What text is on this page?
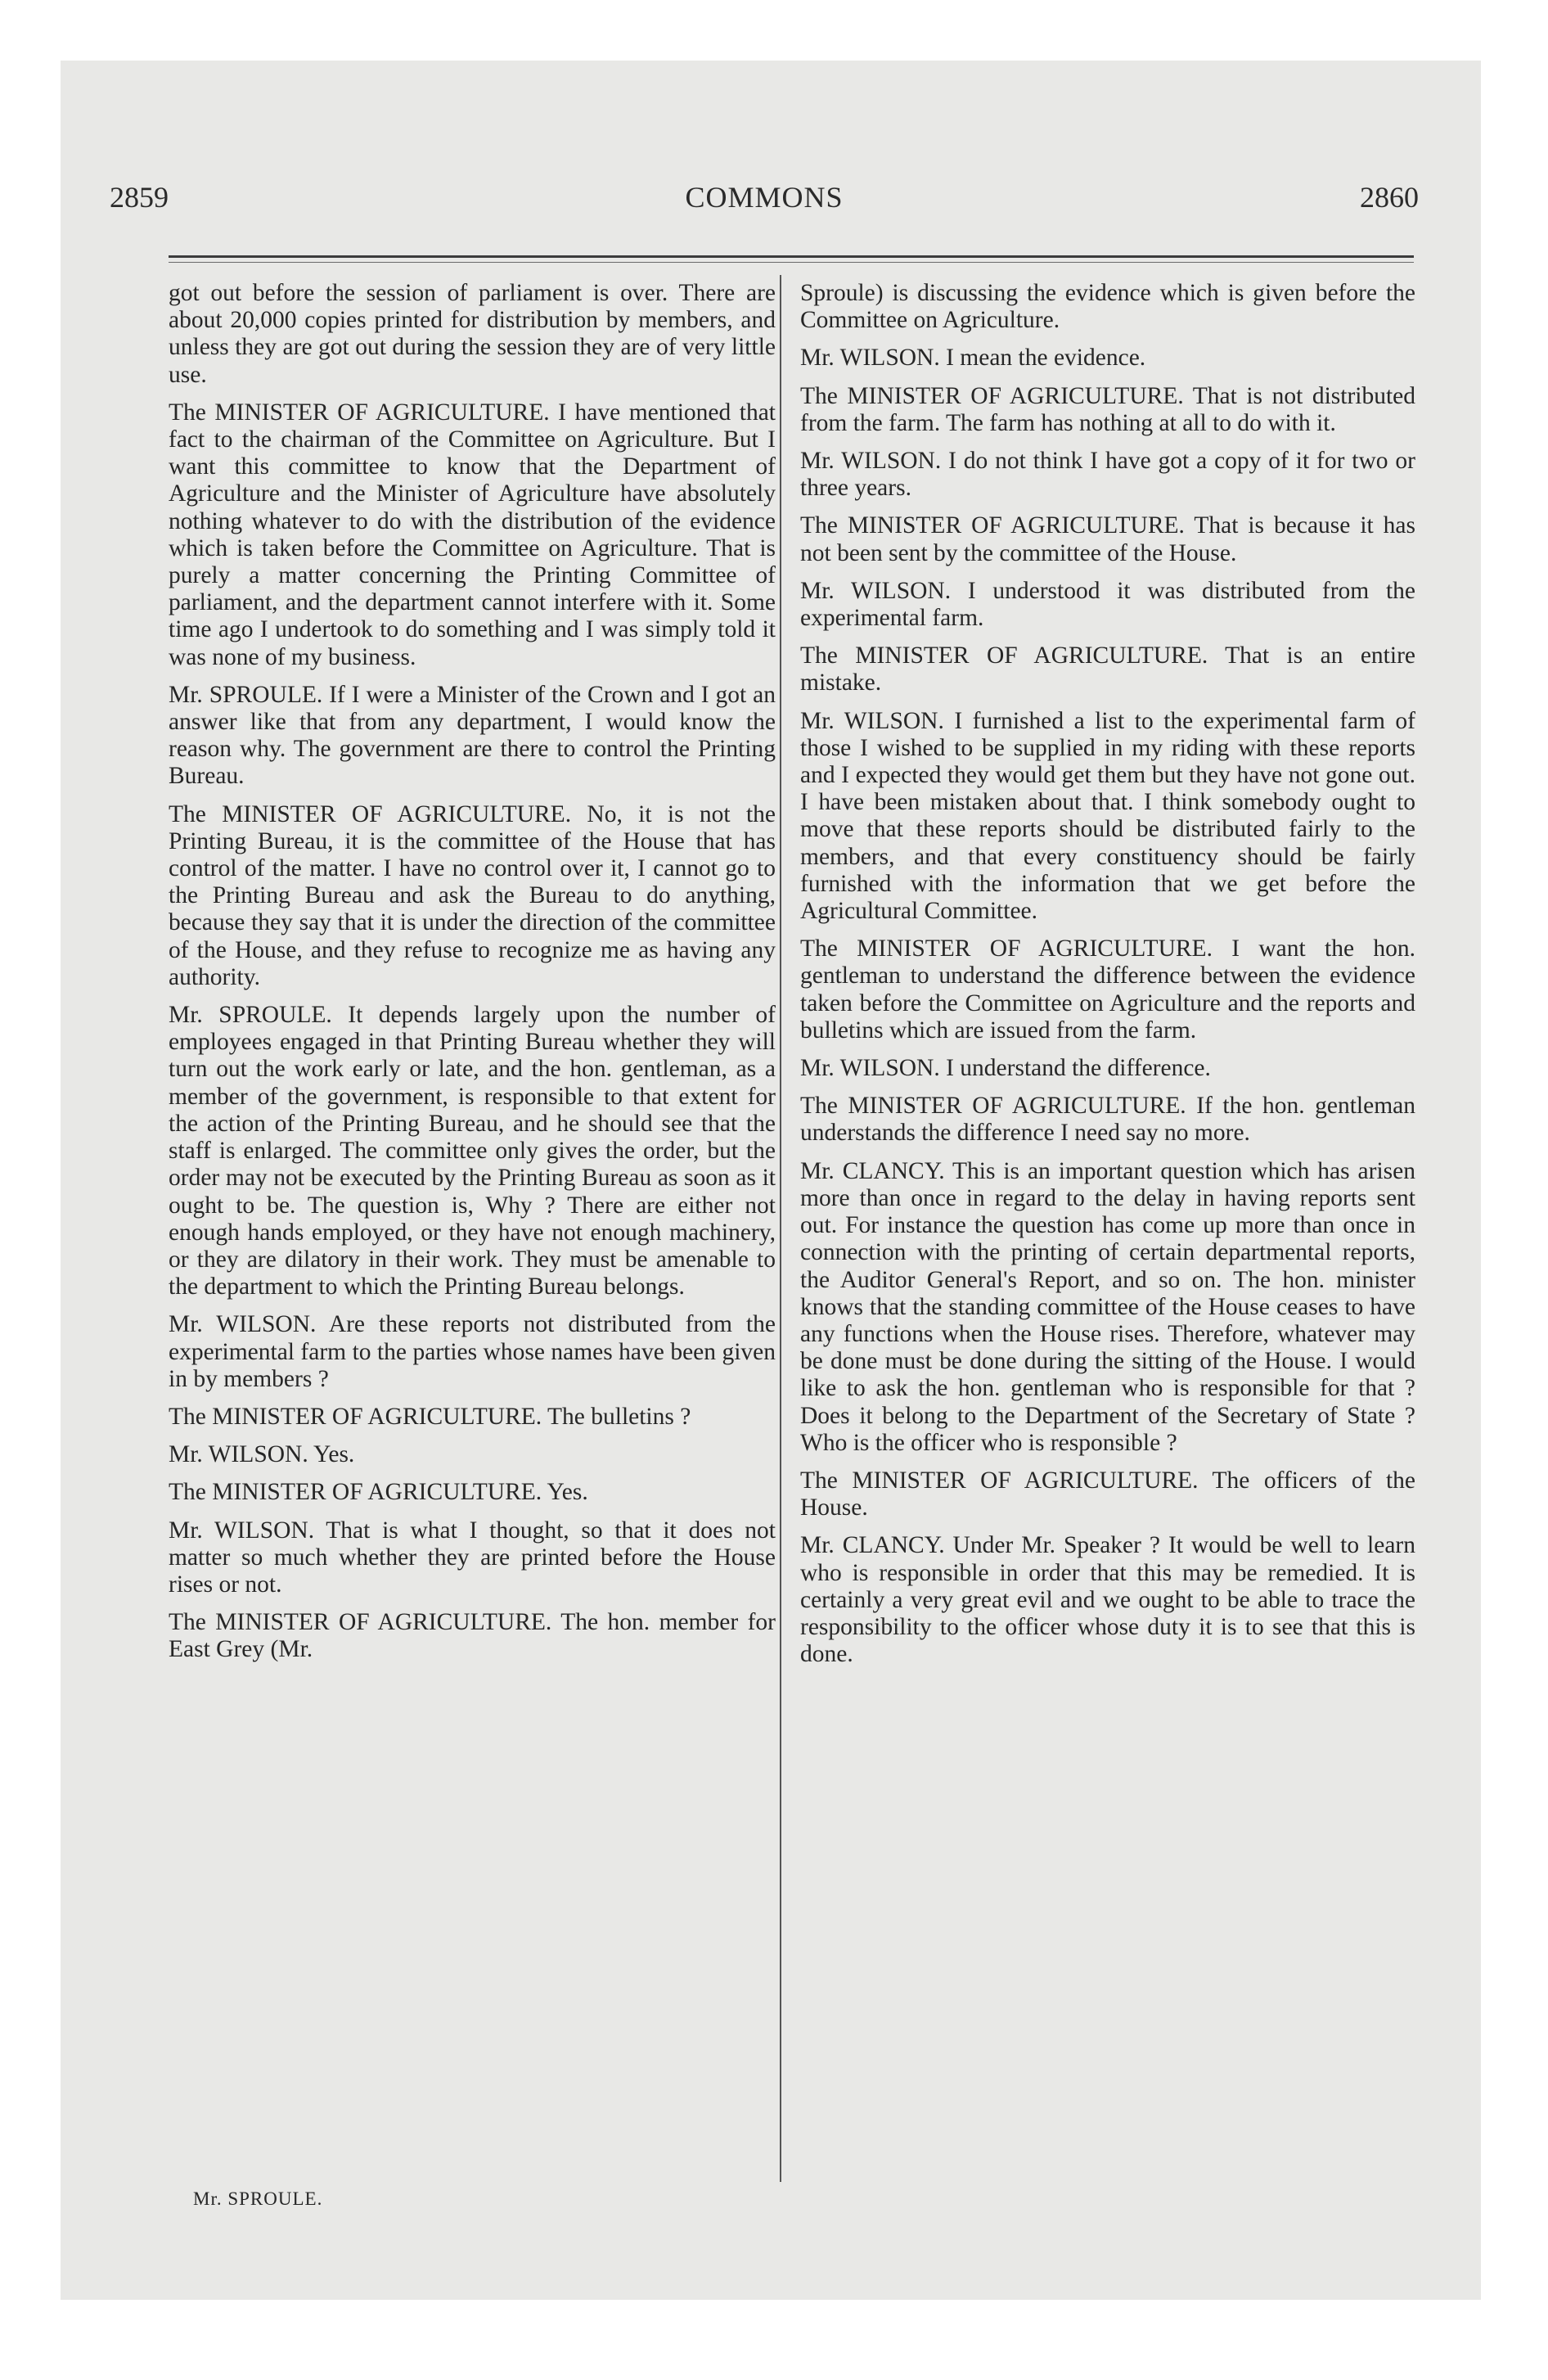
2859	COMMONS	2860

got out before the session of parliament is over. There are about 20,000 copies printed for distribution by members, and unless they are got out during the session they are of very little use.

The MINISTER OF AGRICULTURE. I have mentioned that fact to the chairman of the Committee on Agriculture. But I want this committee to know that the Department of Agriculture and the Minister of Agriculture have absolutely nothing whatever to do with the distribution of the evidence which is taken before the Committee on Agriculture. That is purely a matter concerning the Printing Committee of parliament, and the department cannot interfere with it. Some time ago I undertook to do something and I was simply told it was none of my business.

Mr. SPROULE. If I were a Minister of the Crown and I got an answer like that from any department, I would know the reason why. The government are there to control the Printing Bureau.

The MINISTER OF AGRICULTURE. No, it is not the Printing Bureau, it is the committee of the House that has control of the matter. I have no control over it, I cannot go to the Printing Bureau and ask the Bureau to do anything, because they say that it is under the direction of the committee of the House, and they refuse to recognize me as having any authority.

Mr. SPROULE. It depends largely upon the number of employees engaged in that Printing Bureau whether they will turn out the work early or late, and the hon. gentleman, as a member of the government, is responsible to that extent for the action of the Printing Bureau, and he should see that the staff is enlarged. The committee only gives the order, but the order may not be executed by the Printing Bureau as soon as it ought to be. The question is, Why ? There are either not enough hands employed, or they have not enough machinery, or they are dilatory in their work. They must be amenable to the department to which the Printing Bureau belongs.

Mr. WILSON. Are these reports not distributed from the experimental farm to the parties whose names have been given in by members ?

The MINISTER OF AGRICULTURE. The bulletins ?

Mr. WILSON. Yes.

The MINISTER OF AGRICULTURE. Yes.

Mr. WILSON. That is what I thought, so that it does not matter so much whether they are printed before the House rises or not.

The MINISTER OF AGRICULTURE. The hon. member for East Grey (Mr.

Sproule) is discussing the evidence which is given before the Committee on Agriculture.

Mr. WILSON. I mean the evidence.

The MINISTER OF AGRICULTURE. That is not distributed from the farm. The farm has nothing at all to do with it.

Mr. WILSON. I do not think I have got a copy of it for two or three years.

The MINISTER OF AGRICULTURE. That is because it has not been sent by the committee of the House.

Mr. WILSON. I understood it was distributed from the experimental farm.

The MINISTER OF AGRICULTURE. That is an entire mistake.

Mr. WILSON. I furnished a list to the experimental farm of those I wished to be supplied in my riding with these reports and I expected they would get them but they have not gone out. I have been mistaken about that. I think somebody ought to move that these reports should be distributed fairly to the members, and that every constituency should be fairly furnished with the information that we get before the Agricultural Committee.

The MINISTER OF AGRICULTURE. I want the hon. gentleman to understand the difference between the evidence taken before the Committee on Agriculture and the reports and bulletins which are issued from the farm.

Mr. WILSON. I understand the difference.

The MINISTER OF AGRICULTURE. If the hon. gentleman understands the difference I need say no more.

Mr. CLANCY. This is an important question which has arisen more than once in regard to the delay in having reports sent out. For instance the question has come up more than once in connection with the printing of certain departmental reports, the Auditor General's Report, and so on. The hon. minister knows that the standing committee of the House ceases to have any functions when the House rises. Therefore, whatever may be done must be done during the sitting of the House. I would like to ask the hon. gentleman who is responsible for that ? Does it belong to the Department of the Secretary of State ? Who is the officer who is responsible ?

The MINISTER OF AGRICULTURE. The officers of the House.

Mr. CLANCY. Under Mr. Speaker ? It would be well to learn who is responsible in order that this may be remedied. It is certainly a very great evil and we ought to be able to trace the responsibility to the officer whose duty it is to see that this is done.

Mr. SPROULE.
